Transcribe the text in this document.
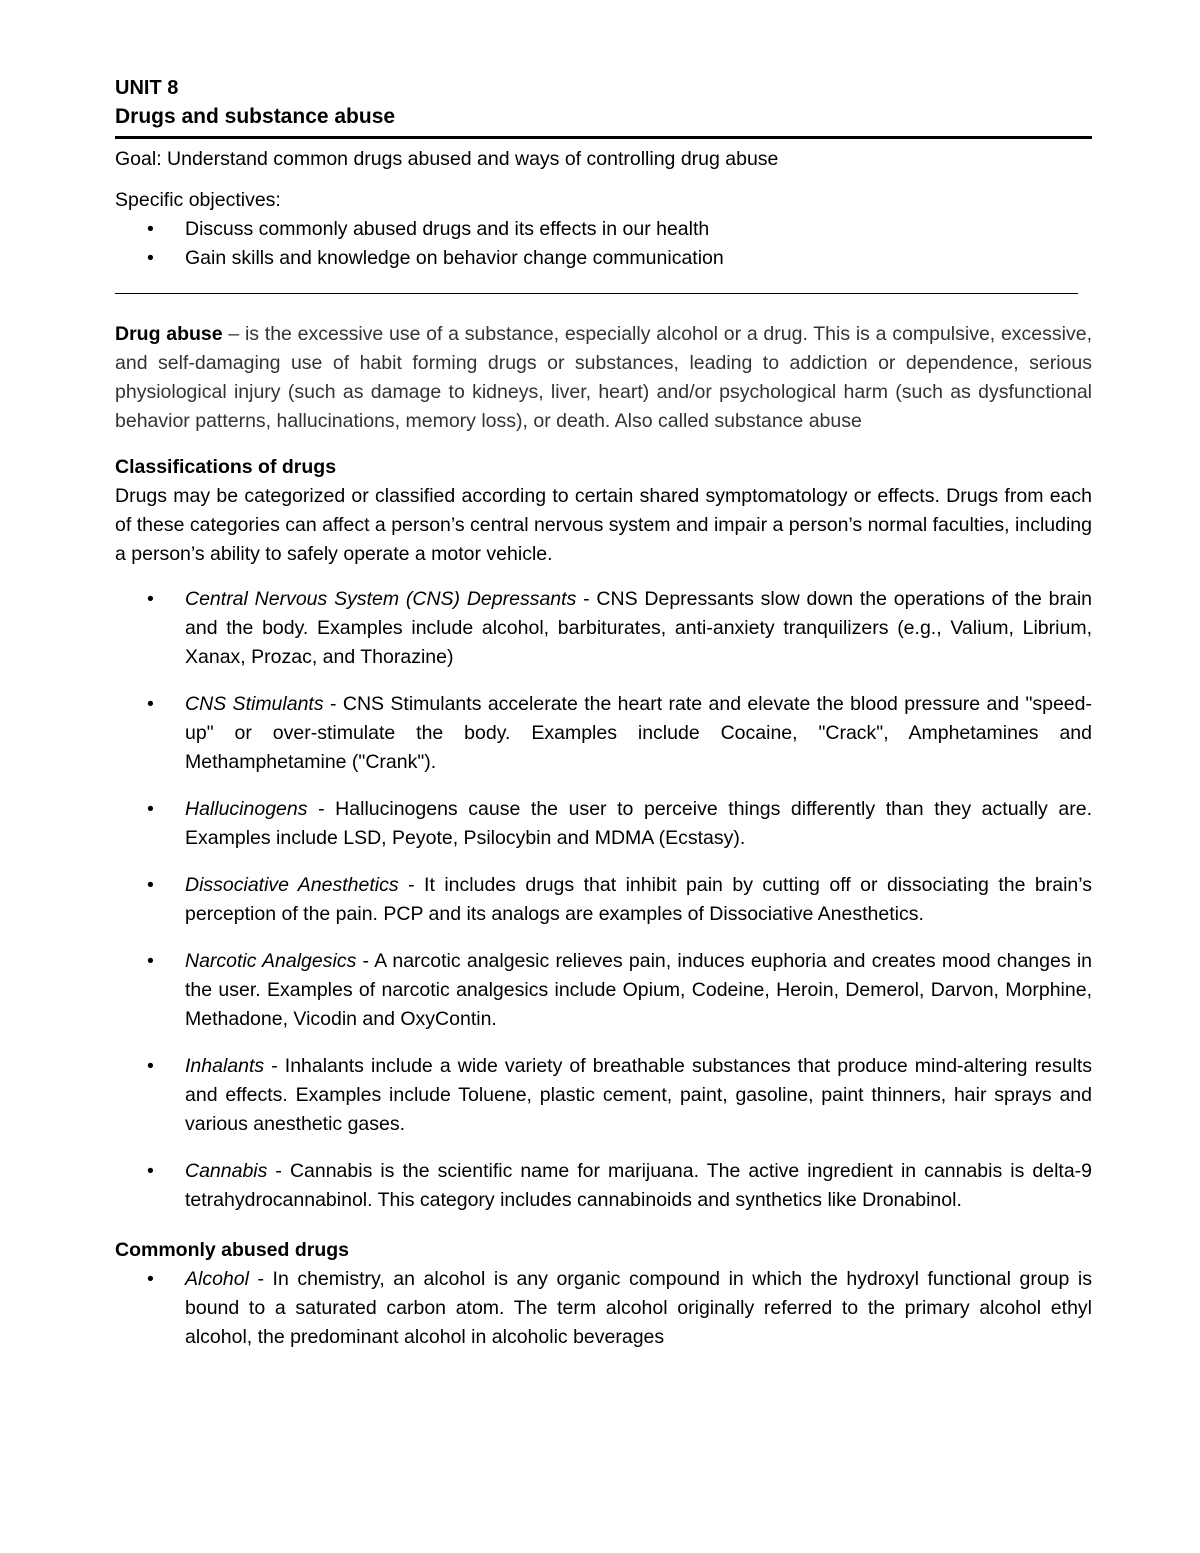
UNIT 8
Drugs and substance abuse

Goal: Understand common drugs abused and ways of controlling drug abuse

Specific objectives:

• Discuss commonly abused drugs and its effects in our health
• Gain skills and knowledge on behavior change communication

Drug abuse – is the excessive use of a substance, especially alcohol or a drug. This is a compulsive, excessive, and self-damaging use of habit forming drugs or substances, leading to addiction or dependence, serious physiological injury (such as damage to kidneys, liver, heart) and/or psychological harm (such as dysfunctional behavior patterns, hallucinations, memory loss), or death. Also called substance abuse

Classifications of drugs

Drugs may be categorized or classified according to certain shared symptomatology or effects. Drugs from each of these categories can affect a person’s central nervous system and impair a person’s normal faculties, including a person’s ability to safely operate a motor vehicle.

• Central Nervous System (CNS) Depressants - CNS Depressants slow down the operations of the brain and the body. Examples include alcohol, barbiturates, anti-anxiety tranquilizers (e.g., Valium, Librium, Xanax, Prozac, and Thorazine)
• CNS Stimulants - CNS Stimulants accelerate the heart rate and elevate the blood pressure and "speed-up" or over-stimulate the body. Examples include Cocaine, "Crack", Amphetamines and Methamphetamine ("Crank").
• Hallucinogens - Hallucinogens cause the user to perceive things differently than they actually are. Examples include LSD, Peyote, Psilocybin and MDMA (Ecstasy).
• Dissociative Anesthetics - It includes drugs that inhibit pain by cutting off or dissociating the brain’s perception of the pain. PCP and its analogs are examples of Dissociative Anesthetics.
• Narcotic Analgesics - A narcotic analgesic relieves pain, induces euphoria and creates mood changes in the user. Examples of narcotic analgesics include Opium, Codeine, Heroin, Demerol, Darvon, Morphine, Methadone, Vicodin and OxyContin.
• Inhalants - Inhalants include a wide variety of breathable substances that produce mind-altering results and effects. Examples include Toluene, plastic cement, paint, gasoline, paint thinners, hair sprays and various anesthetic gases.
• Cannabis - Cannabis is the scientific name for marijuana. The active ingredient in cannabis is delta-9 tetrahydrocannabinol. This category includes cannabinoids and synthetics like Dronabinol.

Commonly abused drugs

• Alcohol - In chemistry, an alcohol is any organic compound in which the hydroxyl functional group is bound to a saturated carbon atom. The term alcohol originally referred to the primary alcohol ethyl alcohol, the predominant alcohol in alcoholic beverages
